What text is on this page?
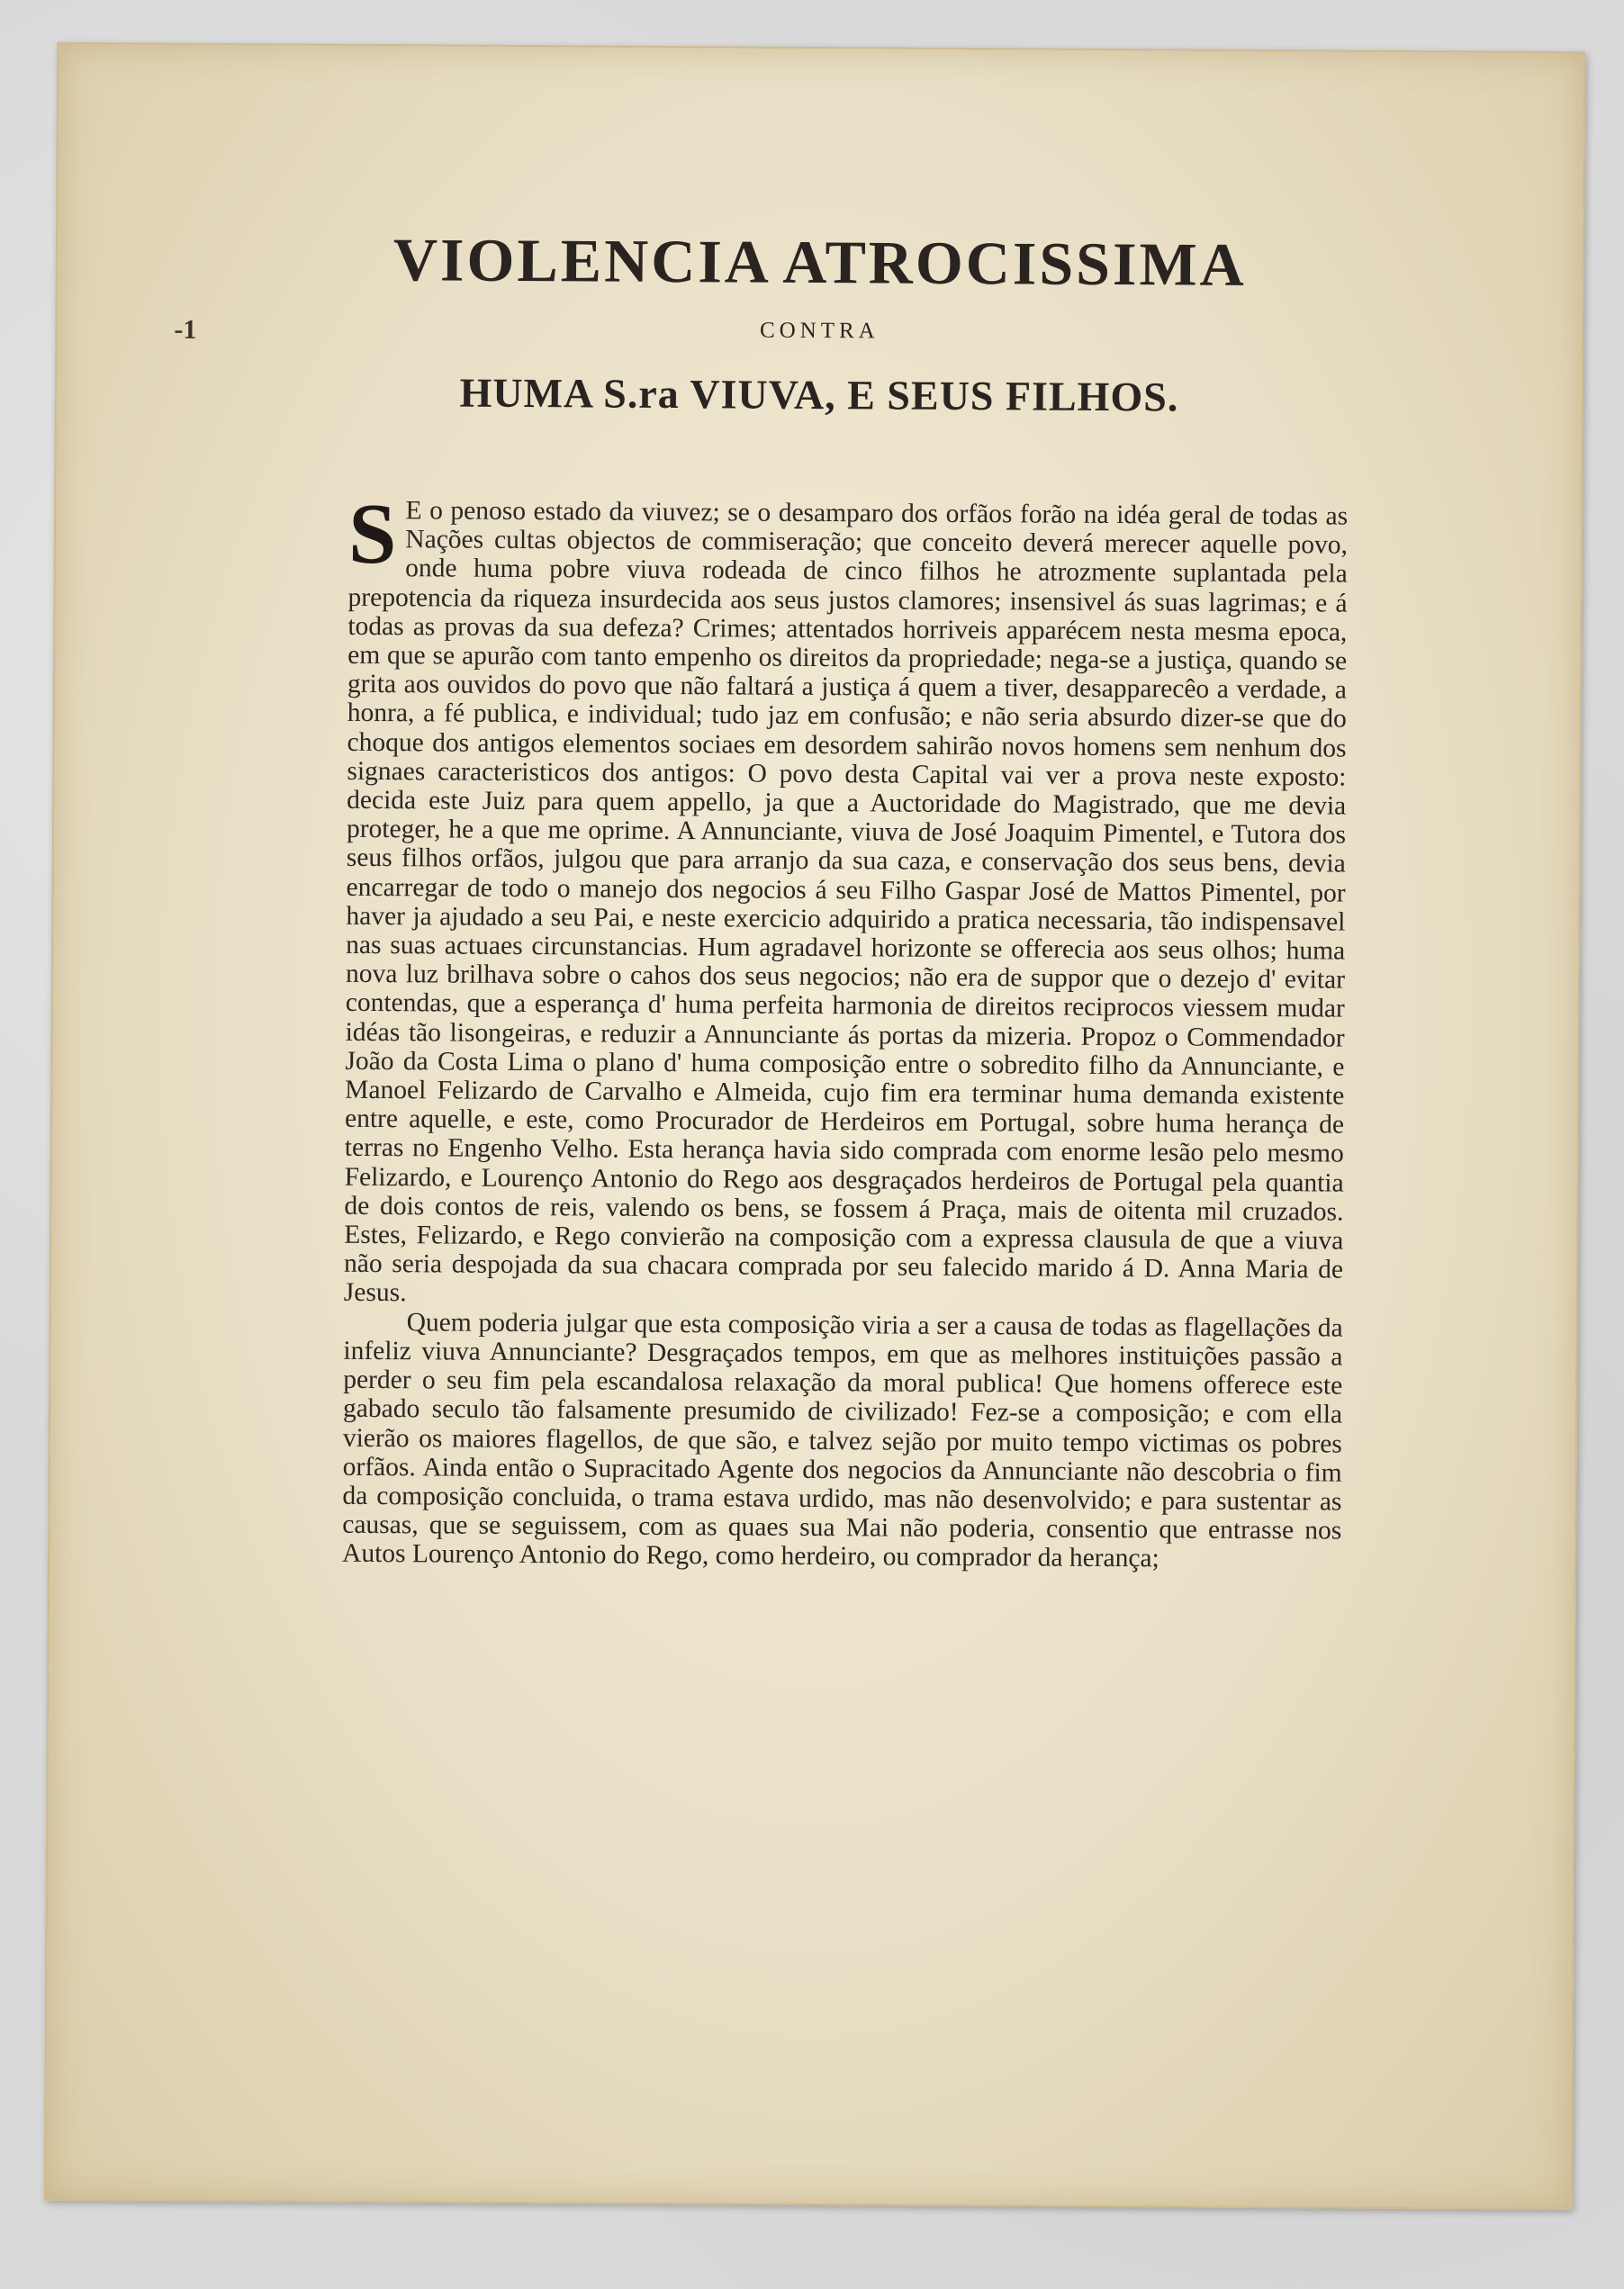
VIOLENCIA ATROCISSIMA
CONTRA
HUMA S.ra VIUVA, E SEUS FILHOS.
-1

S E o penoso estado da viuvez; se o desamparo dos orfãos forão na idéa geral de todas as Nações cultas objectos de commiseração; que conceito deverá merecer aquelle povo, onde huma pobre viuva rodeada de cinco filhos he atrozmente suplantada pela prepotencia da riqueza insurdecida aos seus justos clamores; insensivel ás suas lagrimas; e á todas as provas da sua defeza? Crimes; attentados horriveis apparécem nesta mesma epoca, em que se apurão com tanto empenho os direitos da propriedade; nega-se a justiça, quando se grita aos ouvidos do povo que não faltará a justiça á quem a tiver, desapparecêo a verdade, a honra, a fé publica, e individual; tudo jaz em confusão; e não seria absurdo dizer-se que do choque dos antigos elementos sociaes em desordem sahirão novos homens sem nenhum dos signaes caracteristicos dos antigos: O povo desta Capital vai ver a prova neste exposto: decida este Juiz para quem appello, ja que a Auctoridade do Magistrado, que me devia proteger, he a que me oprime. A Annunciante, viuva de José Joaquim Pimentel, e Tutora dos seus filhos orfãos, julgou que para arranjo da sua caza, e conservação dos seus bens, devia encarregar de todo o manejo dos negocios á seu Filho Gaspar José de Mattos Pimentel, por haver ja ajudado a seu Pai, e neste exercicio adquirido a pratica necessaria, tão indispensavel nas suas actuaes circunstancias. Hum agradavel horizonte se offerecia aos seus olhos; huma nova luz brilhava sobre o cahos dos seus negocios; não era de suppor que o dezejo d' evitar contendas, que a esperança d' huma perfeita harmonia de direitos reciprocos viessem mudar idéas tão lisongeiras, e reduzir a Annunciante ás portas da mizeria. Propoz o Commendador João da Costa Lima o plano d' huma composição entre o sobredito filho da Annunciante, e Manoel Felizardo de Carvalho e Almeida, cujo fim era terminar huma demanda existente entre aquelle, e este, como Procurador de Herdeiros em Portugal, sobre huma herança de terras no Engenho Velho. Esta herança havia sido comprada com enorme lesão pelo mesmo Felizardo, e Lourenço Antonio do Rego aos desgraçados herdeiros de Portugal pela quantia de dois contos de reis, valendo os bens, se fossem á Praça, mais de oitenta mil cruzados. Estes, Felizardo, e Rego convierão na composição com a expressa clausula de que a viuva não seria despojada da sua chacara comprada por seu falecido marido á D. Anna Maria de Jesus.

Quem poderia julgar que esta composição viria a ser a causa de todas as flagellações da infeliz viuva Annunciante? Desgraçados tempos, em que as melhores instituições passão a perder o seu fim pela escandalosa relaxação da moral publica! Que homens offerece este gabado seculo tão falsamente presumido de civilizado! Fez-se a composição; e com ella vierão os maiores flagellos, de que são, e talvez sejão por muito tempo victimas os pobres orfãos. Ainda então o Supracitado Agente dos negocios da Annunciante não descobria o fim da composição concluida, o trama estava urdido, mas não desenvolvido; e para sustentar as causas, que se seguissem, com as quaes sua Mai não poderia, consentio que entrasse nos Autos Lourenço Antonio do Rego, como herdeiro, ou comprador da herança;
